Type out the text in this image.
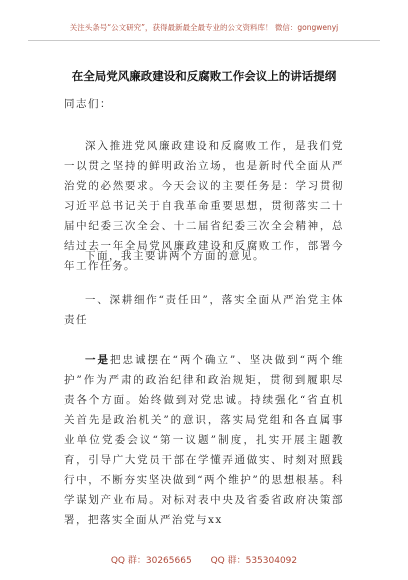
关注头条号“公文研究”，获得最新最全最专业的公文资料库！ 微信：gongwenyj
在全局党风廉政建设和反腐败工作会议上的讲话提纲
同志们：
深入推进党风廉政建设和反腐败工作，是我们党一以贯之坚持的鲜明政治立场，也是新时代全面从严治党的必然要求。今天会议的主要任务是：学习贯彻习近平总书记关于自我革命重要思想，贯彻落实二十届中纪委三次全会、十二届省纪委三次全会精神，总结过去一年全局党风廉政建设和反腐败工作，部署今年工作任务。
下面，我主要讲两个方面的意见。
一、深耕细作“责任田”，落实全面从严治党主体责任
一是把忠诚摆在“两个确立”、坚决做到“两个维护”作为严肃的政治纪律和政治规矩，贯彻到履职尽责各个方面。始终做到对党忠诚。持续强化“省直机关首先是政治机关”的意识，落实局党组和各直属事业单位党委会议“第一议题”制度，扎实开展主题教育，引导广大党员干部在学懂弄通做实、时刻对照践行中，不断夯实坚决做到“两个维护”的思想根基。科学谋划产业布局。对标对表中央及省委省政府决策部署，把落实全面从严治党与xx
QQ 群：30265665 QQ 群：535304092
